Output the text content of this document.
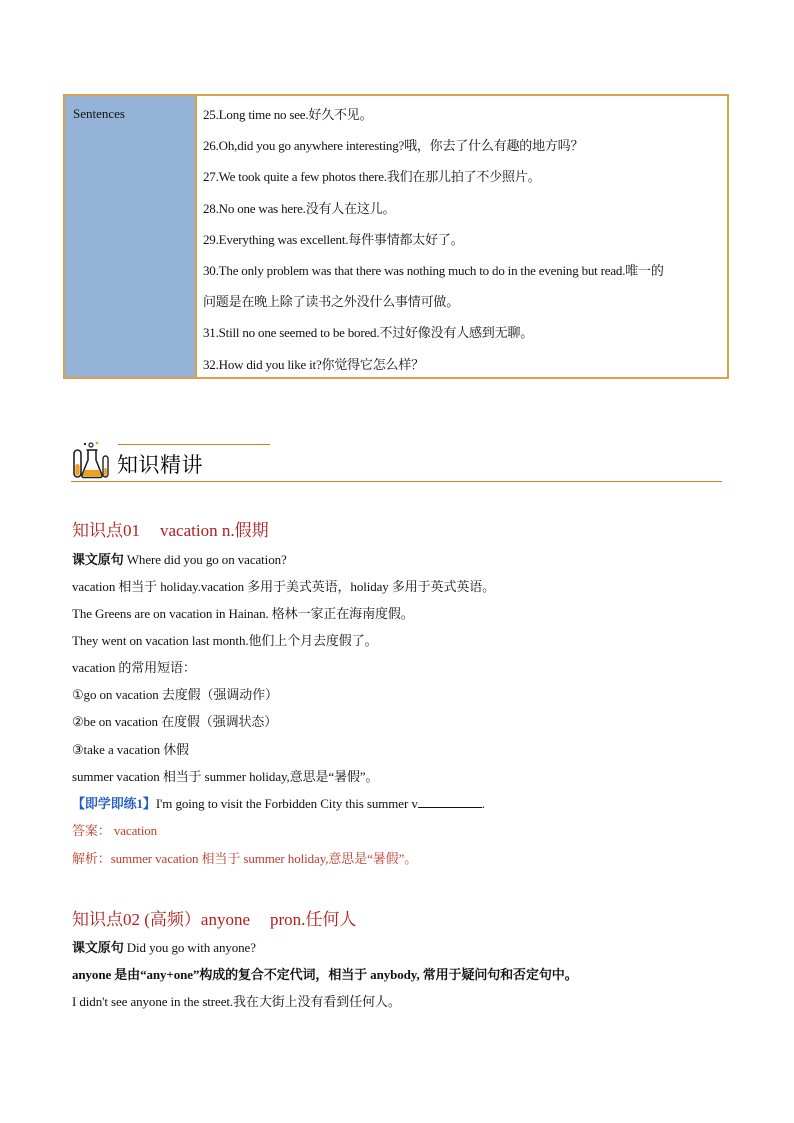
Sentences	25.Long time no see.好久不见。
26.Oh,did you go anywhere interesting?哦，你去了什么有趣的地方吗？
27.We took quite a few photos there.我们在那儿拍了不少照片。
28.No one was here.没有人在这儿。
29.Everything was excellent.每件事情都太好了。
30.The only problem was that there was nothing much to do in the evening but read.唯一的
问题是在晚上除了读书之外没什么事情可做。
31.Still no one seemed to be bored.不过好像没有人感到无聊。
32.How did you like it?你觉得它怎么样？
知识精讲
知识点01 vacation n.假期
课文原句 Where did you go on vacation?
vacation 相当于 holiday.vacation 多用于美式英语，holiday 多用于英式英语。
The Greens are on vacation in Hainan. 格林一家正在海南度假。
They went on vacation last month.他们上个月去度假了。
vacation 的常用短语：
①go on vacation 去度假（强调动作）
②be on vacation 在度假（强调状态）
③take a vacation 休假
summer vacation 相当于 summer holiday,意思是“暑假”。
【即学即练1】I'm going to visit the Forbidden City this summer v	.
答案： vacation
解析：summer vacation 相当于 summer holiday,意思是“暑假”。
知识点02 (高频）anyone pron.任何人
课文原句 Did you go with anyone?
anyone 是由“any+one”构成的复合不定代词，相当于 anybody, 常用于疑问句和否定句中。
I didn't see anyone in the street.我在大街上没有看到任何人。
